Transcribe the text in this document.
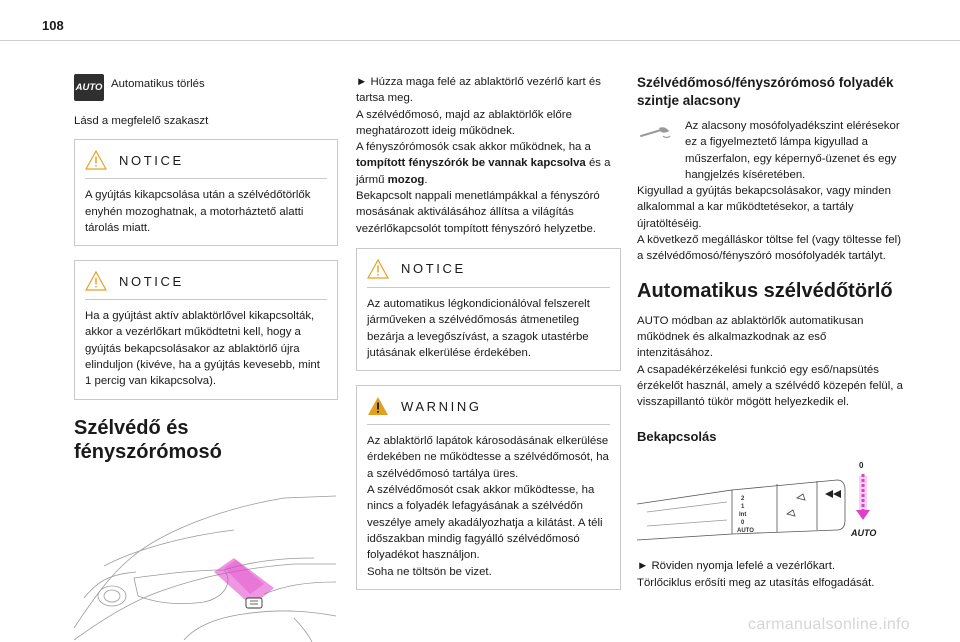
108
AUTO Automatikus törlés

Lásd a megfelelő szakaszt

NOTICE

A gyújtás kikapcsolása után a szélvédőtörlők enyhén mozoghatnak, a motorháztető alatti tárolás miatt.

NOTICE

Ha a gyújtást aktív ablaktörlővel kikapcsolták, akkor a vezérlőkart működtetni kell, hogy a gyújtás bekapcsolásakor az ablaktörlő újra elinduljon (kivéve, ha a gyújtás kevesebb, mint 1 percig van kikapcsolva).

Szélvédő és fényszórómosó

► Húzza maga felé az ablaktörlő vezérlő kart és tartsa meg.

A szélvédőmosó, majd az ablaktörlők előre meghatározott ideig működnek.

A fényszórómosók csak akkor működnek, ha a tompított fényszórók be vannak kapcsolva és a jármű mozog.

Bekapcsolt nappali menetlámpákkal a fényszóró mosásának aktiválásához állítsa a világítás vezérlőkapcsolót tompított fényszóró helyzetbe.

NOTICE

Az automatikus légkondicionálóval felszerelt járműveken a szélvédőmosás átmenetileg bezárja a levegőszívást, a szagok utastérbe jutásának elkerülése érdekében.

WARNING

Az ablaktörlő lapátok károsodásának elkerülése érdekében ne működtesse a szélvédőmosót, ha a szélvédőmosó tartálya üres.

A szélvédőmosót csak akkor működtesse, ha nincs a folyadék lefagyásának a szélvédőn veszélye amely akadályozhatja a kilátást. A téli időszakban mindig fagyálló szélvédőmosó folyadékot használjon.

Soha ne töltsön be vizet.

Szélvédőmosó/fényszórómosó folyadék szintje alacsony

Az alacsony mosófolyadékszint elérésekor ez a figyelmeztető lámpa kigyullad a műszerfalon, egy képernyő-üzenet és egy hangjelzés kíséretében.

Kigyullad a gyújtás bekapcsolásakor, vagy minden alkalommal a kar működtetésekor, a tartály újratöltéséig.

A következő megálláskor töltse fel (vagy töltesse fel) a szélvédőmosó/fényszóró mosófolyadék tartályt.

Automatikus szélvédőtörlő

AUTO módban az ablaktörlők automatikusan működnek és alkalmazkodnak az eső intenzitásához.

A csapadékérzékelési funkció egy eső/napsütés érzékelőt használ, amely a szélvédő közepén felül, a visszapillantó tükör mögött helyezkedik el.

Bekapcsolás
2
1
Int
0
AUTO
0
AUTO

► Röviden nyomja lefelé a vezérlőkart.

Törlőciklus erősíti meg az utasítás elfogadását.

carmanualsonline.info
